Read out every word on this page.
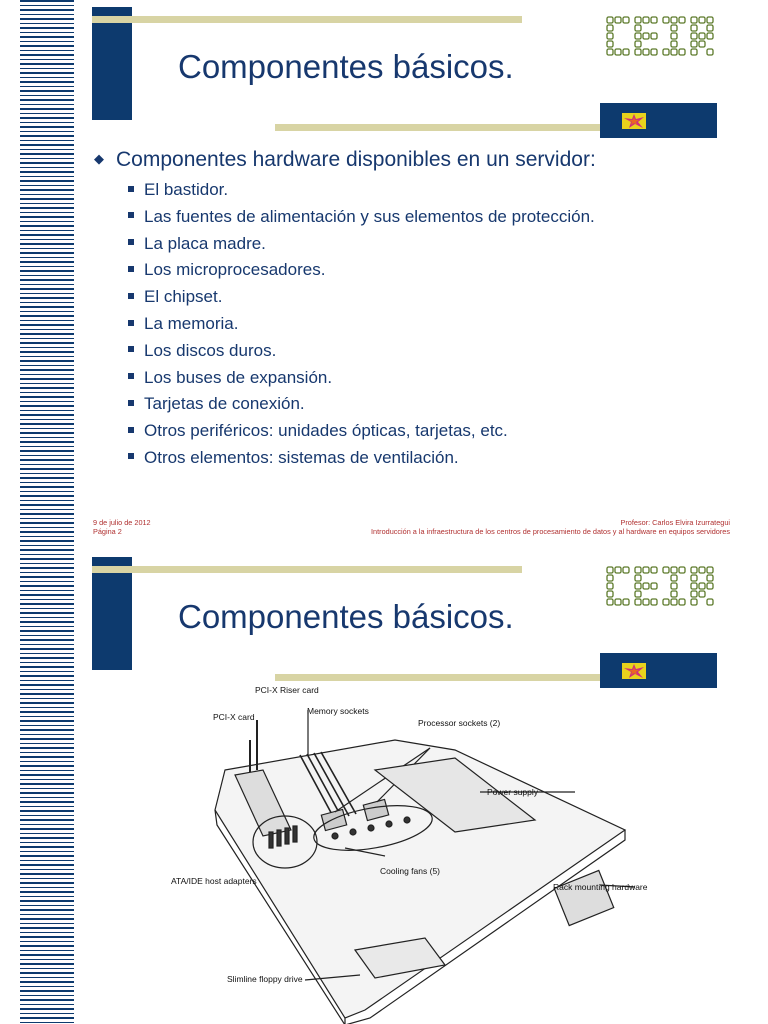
Componentes básicos.
◆ Componentes hardware disponibles en un servidor:
El bastidor.
Las fuentes de alimentación y sus elementos de protección.
La placa madre.
Los microprocesadores.
El chipset.
La memoria.
Los discos duros.
Los buses de expansión.
Tarjetas de conexión.
Otros periféricos: unidades ópticas, tarjetas, etc.
Otros elementos: sistemas de ventilación.
9 de julio de 2012
Página 2
Profesor: Carlos Elvira Izurrategui
Introducción a la infraestructura de los centros de procesamiento de datos y al hardware en equipos servidores
Componentes básicos.
PCI-X Riser card
PCI-X card
Memory sockets
Processor sockets (2)
Power supply
ATA/IDE host adapters
Cooling fans (5)
Rack mounting hardware
Slimline floppy drive
